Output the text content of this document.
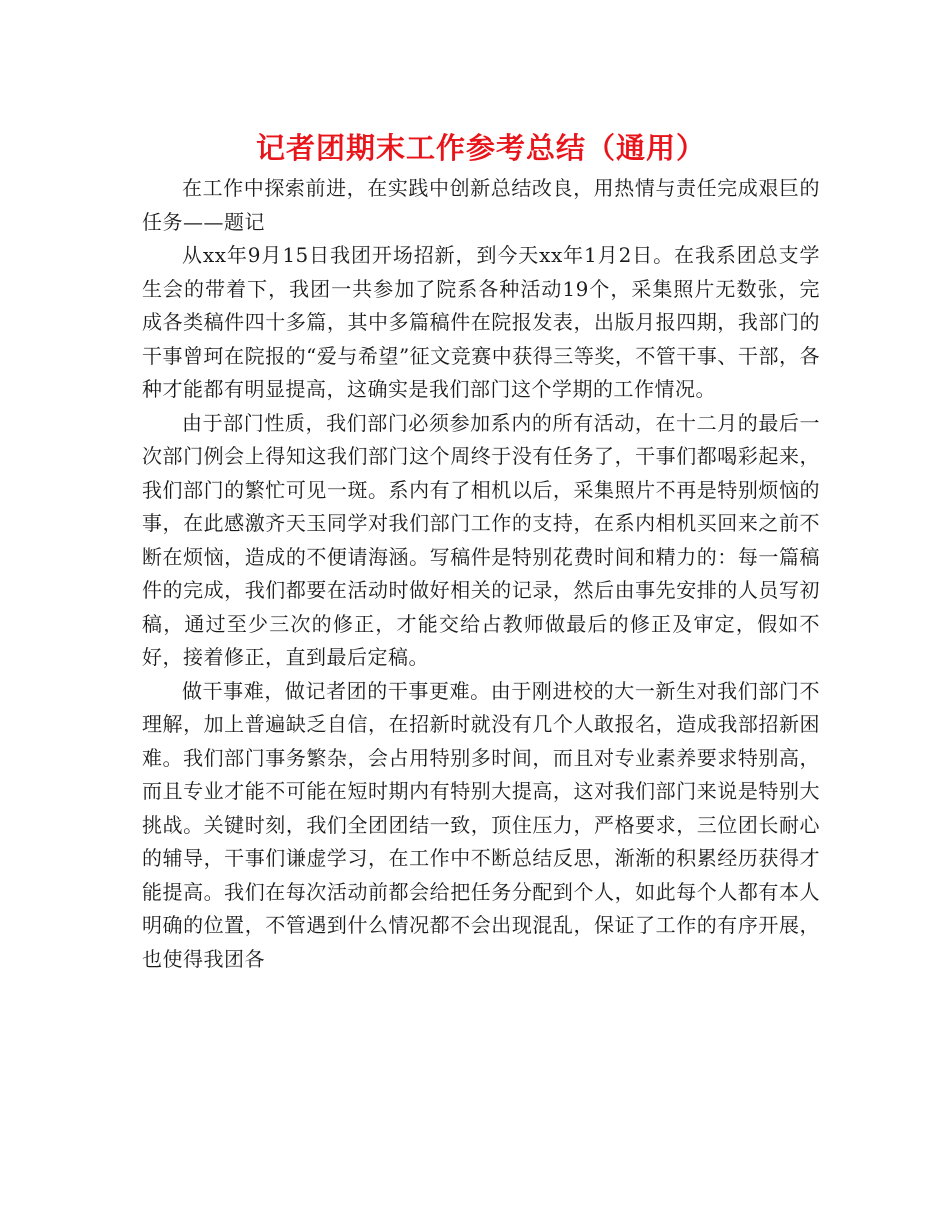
记者团期末工作参考总结（通用）

在工作中探索前进，在实践中创新总结改良，用热情与责任完成艰巨的任务——题记

从xx年9月15日我团开场招新，到今天xx年1月2日。在我系团总支学生会的带着下，我团一共参加了院系各种活动19个，采集照片无数张，完成各类稿件四十多篇，其中多篇稿件在院报发表，出版月报四期，我部门的干事曾珂在院报的“爱与希望”征文竞赛中获得三等奖，不管干事、干部，各种才能都有明显提高，这确实是我们部门这个学期的工作情况。

由于部门性质，我们部门必须参加系内的所有活动，在十二月的最后一次部门例会上得知这我们部门这个周终于没有任务了，干事们都喝彩起来，我们部门的繁忙可见一斑。系内有了相机以后，采集照片不再是特别烦恼的事，在此感激齐天玉同学对我们部门工作的支持，在系内相机买回来之前不断在烦恼，造成的不便请海涵。写稿件是特别花费时间和精力的：每一篇稿件的完成，我们都要在活动时做好相关的记录，然后由事先安排的人员写初稿，通过至少三次的修正，才能交给占教师做最后的修正及审定，假如不好，接着修正，直到最后定稿。

做干事难，做记者团的干事更难。由于刚进校的大一新生对我们部门不理解，加上普遍缺乏自信，在招新时就没有几个人敢报名，造成我部招新困难。我们部门事务繁杂，会占用特别多时间，而且对专业素养要求特别高，而且专业才能不可能在短时期内有特别大提高，这对我们部门来说是特别大挑战。关键时刻，我们全团团结一致，顶住压力，严格要求，三位团长耐心的辅导，干事们谦虚学习，在工作中不断总结反思，渐渐的积累经历获得才能提高。我们在每次活动前都会给把任务分配到个人，如此每个人都有本人明确的位置，不管遇到什么情况都不会出现混乱，保证了工作的有序开展，也使得我团各
